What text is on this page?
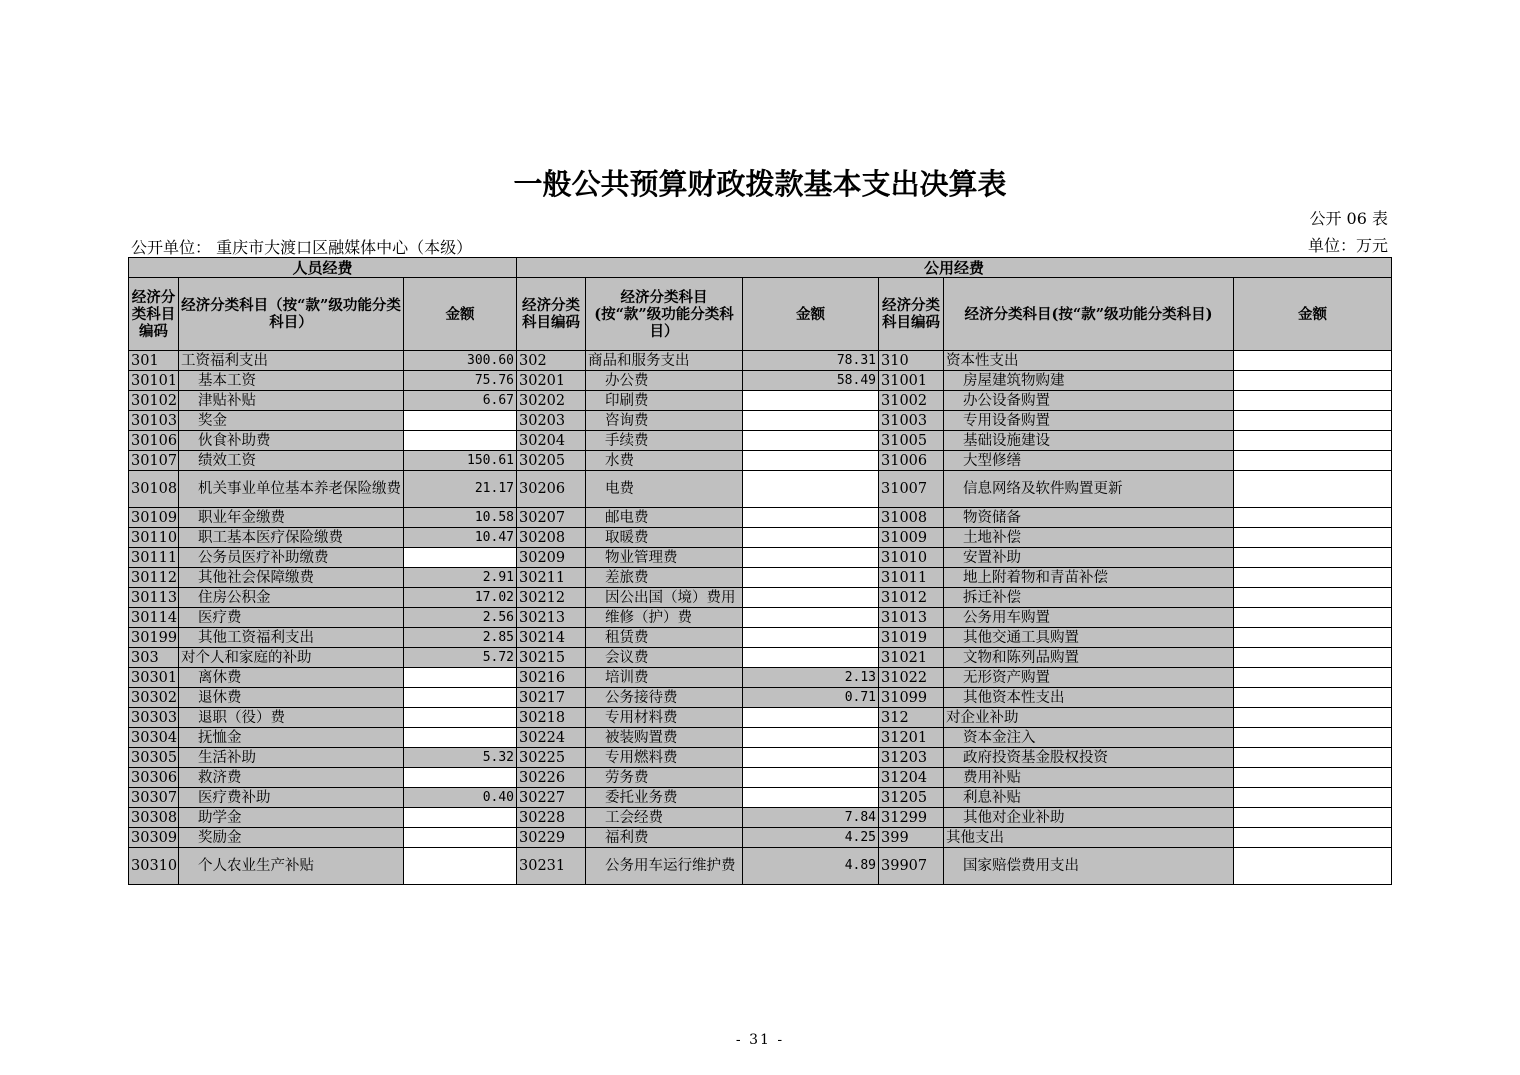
一般公共预算财政拨款基本支出决算表
公开 06 表
公开单位： 重庆市大渡口区融媒体中心（本级）	单位：万元
人员经费			公用经费					
经济分类科目编码	经济分类科目（按“款”级功能分类科目）	金额	经济分类科目编码	经济分类科目(按“款”级功能分类科目）	金额	经济分类科目编码	经济分类科目(按“款”级功能分类科目)	金额
301	工资福利支出	300.60	302	商品和服务支出	78.31	310	资本性支出	
30101	基本工资	75.76	30201	办公费	58.49	31001	房屋建筑物购建	
30102	津贴补贴	6.67	30202	印刷费		31002	办公设备购置	
30103	奖金		30203	咨询费		31003	专用设备购置	
30106	伙食补助费		30204	手续费		31005	基础设施建设	
30107	绩效工资	150.61	30205	水费		31006	大型修缮	
30108	机关事业单位基本养老保险缴费	21.17	30206	电费		31007	信息网络及软件购置更新	
30109	职业年金缴费	10.58	30207	邮电费		31008	物资储备	
30110	职工基本医疗保险缴费	10.47	30208	取暖费		31009	土地补偿	
30111	公务员医疗补助缴费		30209	物业管理费		31010	安置补助	
30112	其他社会保障缴费	2.91	30211	差旅费		31011	地上附着物和青苗补偿	
30113	住房公积金	17.02	30212	因公出国（境）费用		31012	拆迁补偿	
30114	医疗费	2.56	30213	维修（护）费		31013	公务用车购置	
30199	其他工资福利支出	2.85	30214	租赁费		31019	其他交通工具购置	
303	对个人和家庭的补助	5.72	30215	会议费		31021	文物和陈列品购置	
30301	离休费		30216	培训费	2.13	31022	无形资产购置	
30302	退休费		30217	公务接待费	0.71	31099	其他资本性支出	
30303	退职（役）费		30218	专用材料费		312	对企业补助	
30304	抚恤金		30224	被装购置费		31201	资本金注入	
30305	生活补助	5.32	30225	专用燃料费		31203	政府投资基金股权投资	
30306	救济费		30226	劳务费		31204	费用补贴	
30307	医疗费补助	0.40	30227	委托业务费		31205	利息补贴	
30308	助学金		30228	工会经费	7.84	31299	其他对企业补助	
30309	奖励金		30229	福利费	4.25	399	其他支出	
30310	个人农业生产补贴		30231	公务用车运行维护费	4.89	39907	国家赔偿费用支出	
- 31 -
